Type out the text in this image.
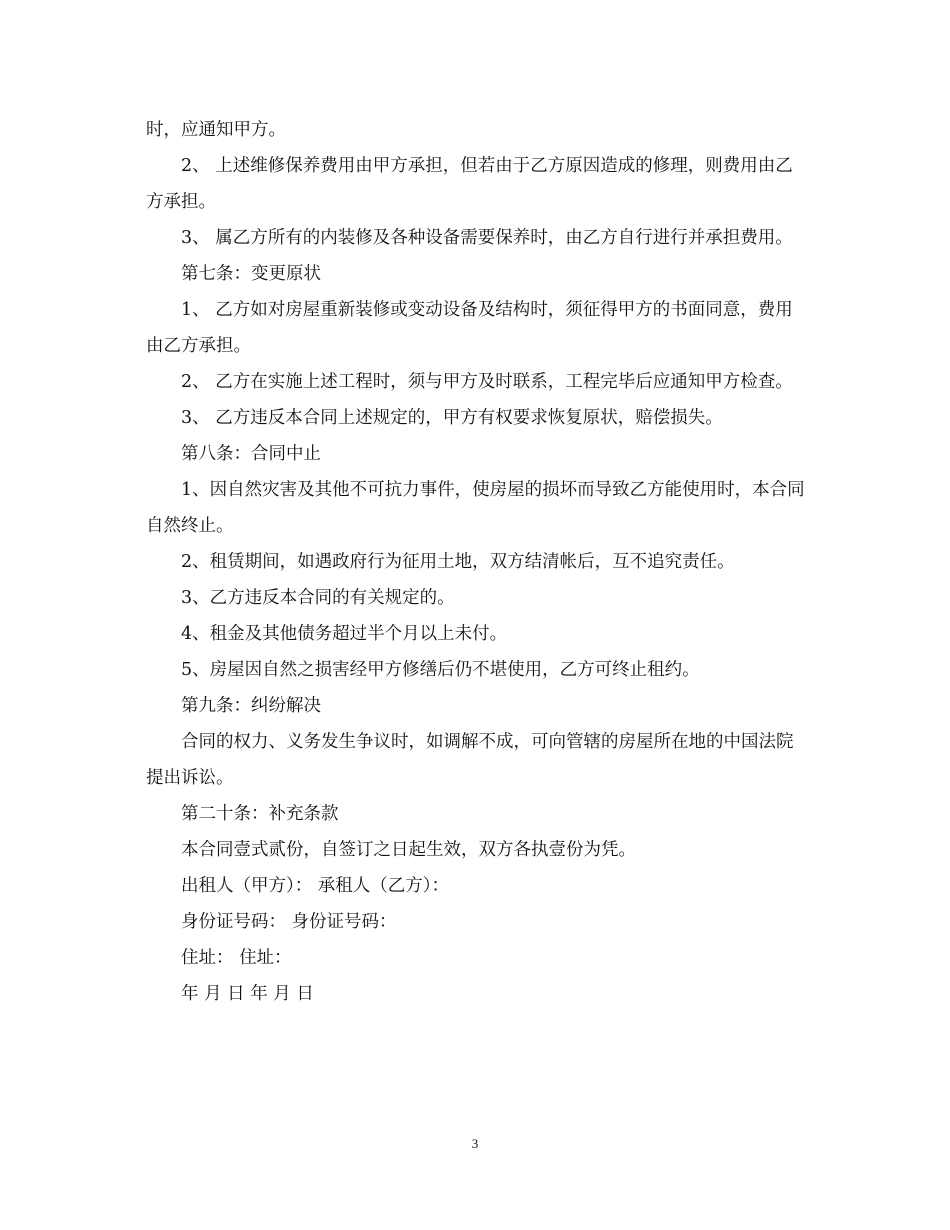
时，应通知甲方。

2、 上述维修保养费用由甲方承担，但若由于乙方原因造成的修理，则费用由乙方承担。

3、 属乙方所有的内装修及各种设备需要保养时，由乙方自行进行并承担费用。

第七条：变更原状

1、 乙方如对房屋重新装修或变动设备及结构时，须征得甲方的书面同意，费用由乙方承担。

2、 乙方在实施上述工程时，须与甲方及时联系，工程完毕后应通知甲方检查。

3、 乙方违反本合同上述规定的，甲方有权要求恢复原状，赔偿损失。

第八条：合同中止

1、因自然灾害及其他不可抗力事件，使房屋的损坏而导致乙方能使用时，本合同自然终止。

2、租赁期间，如遇政府行为征用土地，双方结清帐后，互不追究责任。

3、乙方违反本合同的有关规定的。

4、租金及其他债务超过半个月以上未付。

5、房屋因自然之损害经甲方修缮后仍不堪使用，乙方可终止租约。

第九条：纠纷解决

合同的权力、义务发生争议时，如调解不成，可向管辖的房屋所在地的中国法院提出诉讼。

第二十条：补充条款

本合同壹式贰份，自签订之日起生效，双方各执壹份为凭。

出租人（甲方）： 承租人（乙方）：

身份证号码： 身份证号码：

住址： 住址：

年 月 日 年 月 日

3
